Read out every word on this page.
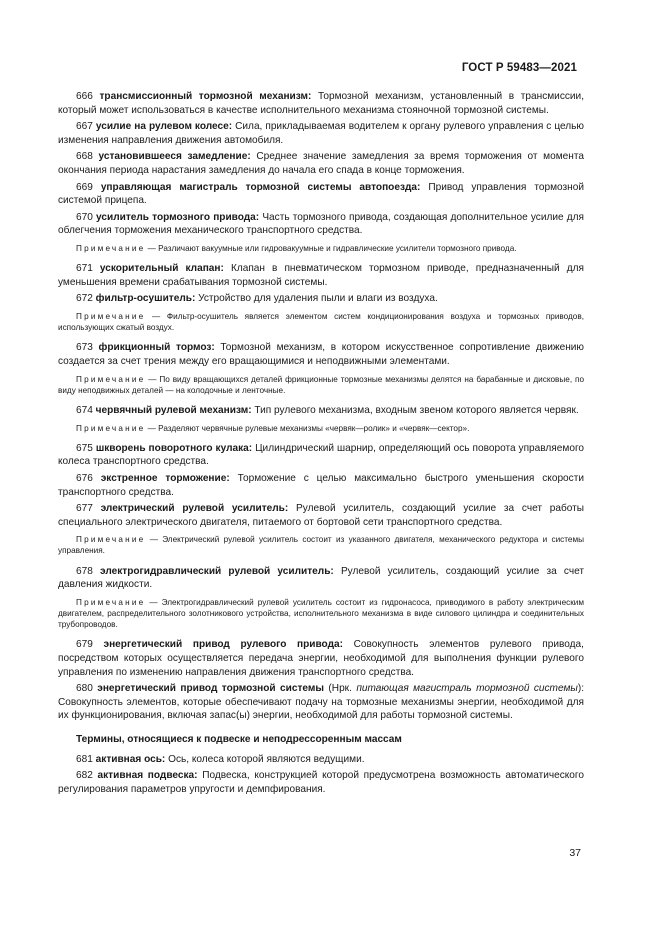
ГОСТ Р 59483—2021

666 трансмиссионный тормозной механизм: Тормозной механизм, установленный в трансмиссии, который может использоваться в качестве исполнительного механизма стояночной тормозной системы.

667 усилие на рулевом колесе: Сила, прикладываемая водителем к органу рулевого управления с целью изменения направления движения автомобиля.

668 установившееся замедление: Среднее значение замедления за время торможения от момента окончания периода нарастания замедления до начала его спада в конце торможения.

669 управляющая магистраль тормозной системы автопоезда: Привод управления тормозной системой прицепа.

670 усилитель тормозного привода: Часть тормозного привода, создающая дополнительное усилие для облегчения торможения механического транспортного средства.

Примечание — Различают вакуумные или гидровакуумные и гидравлические усилители тормозного привода.

671 ускорительный клапан: Клапан в пневматическом тормозном приводе, предназначенный для уменьшения времени срабатывания тормозной системы.

672 фильтр-осушитель: Устройство для удаления пыли и влаги из воздуха.

Примечание — Фильтр-осушитель является элементом систем кондиционирования воздуха и тормозных приводов, использующих сжатый воздух.

673 фрикционный тормоз: Тормозной механизм, в котором искусственное сопротивление движению создается за счет трения между его вращающимися и неподвижными элементами.

Примечание — По виду вращающихся деталей фрикционные тормозные механизмы делятся на барабанные и дисковые, по виду неподвижных деталей — на колодочные и ленточные.

674 червячный рулевой механизм: Тип рулевого механизма, входным звеном которого является червяк.

Примечание — Разделяют червячные рулевые механизмы «червяк—ролик» и «червяк—сектор».

675 шкворень поворотного кулака: Цилиндрический шарнир, определяющий ось поворота управляемого колеса транспортного средства.

676 экстренное торможение: Торможение с целью максимально быстрого уменьшения скорости транспортного средства.

677 электрический рулевой усилитель: Рулевой усилитель, создающий усилие за счет работы специального электрического двигателя, питаемого от бортовой сети транспортного средства.

Примечание — Электрический рулевой усилитель состоит из указанного двигателя, механического редуктора и системы управления.

678 электрогидравлический рулевой усилитель: Рулевой усилитель, создающий усилие за счет давления жидкости.

Примечание — Электрогидравлический рулевой усилитель состоит из гидронасоса, приводимого в работу электрическим двигателем, распределительного золотникового устройства, исполнительного механизма в виде силового цилиндра и соединительных трубопроводов.

679 энергетический привод рулевого привода: Совокупность элементов рулевого привода, посредством которых осуществляется передача энергии, необходимой для выполнения функции рулевого управления по изменению направления движения транспортного средства.

680 энергетический привод тормозной системы (Нрк. питающая магистраль тормозной системы): Совокупность элементов, которые обеспечивают подачу на тормозные механизмы энергии, необходимой для их функционирования, включая запас(ы) энергии, необходимой для работы тормозной системы.

Термины, относящиеся к подвеске и неподрессоренным массам

681 активная ось: Ось, колеса которой являются ведущими.

682 активная подвеска: Подвеска, конструкцией которой предусмотрена возможность автоматического регулирования параметров упругости и демпфирования.

37
